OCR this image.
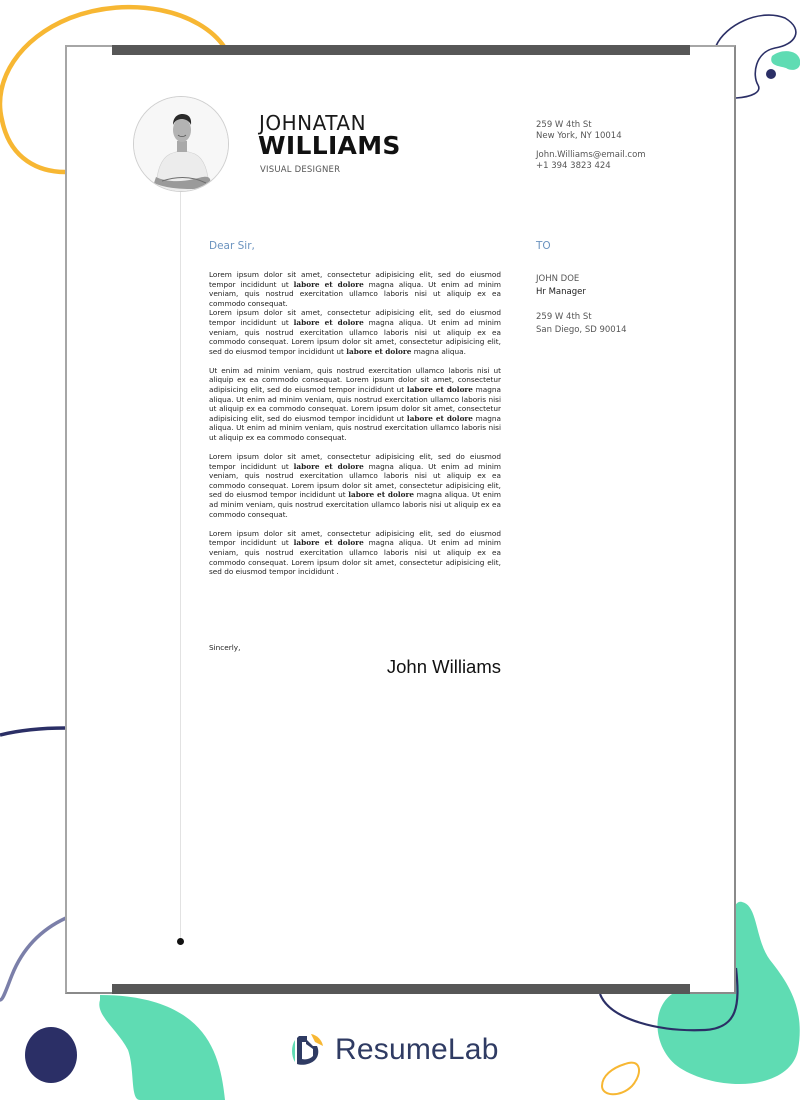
JOHNATAN
WILLIAMS
VISUAL DESIGNER
259 W 4th St
New York, NY 10014
John.Williams@email.com
+1 394 3823 424
Dear Sir,

Lorem ipsum dolor sit amet, consectetur adipisicing elit, sed do eiusmod tempor incididunt ut labore et dolore magna aliqua. Ut enim ad minim veniam, quis nostrud exercitation ullamco laboris nisi ut aliquip ex ea commodo consequat.

Lorem ipsum dolor sit amet, consectetur adipisicing elit, sed do eiusmod tempor incididunt ut labore et dolore magna aliqua. Ut enim ad minim veniam, quis nostrud exercitation ullamco laboris nisi ut aliquip ex ea commodo consequat. Lorem ipsum dolor sit amet, consectetur adipisicing elit, sed do eiusmod tempor incididunt ut labore et dolore magna aliqua.

Ut enim ad minim veniam, quis nostrud exercitation ullamco laboris nisi ut aliquip ex ea commodo consequat. Lorem ipsum dolor sit amet, consectetur adipisicing elit, sed do eiusmod tempor incididunt ut labore et dolore magna aliqua. Ut enim ad minim veniam, quis nostrud exercitation ullamco laboris nisi ut aliquip ex ea commodo consequat. Lorem ipsum dolor sit amet, consectetur adipisicing elit, sed do eiusmod tempor incididunt ut labore et dolore magna aliqua. Ut enim ad minim veniam, quis nostrud exercitation ullamco laboris nisi ut aliquip ex ea commodo consequat.

Lorem ipsum dolor sit amet, consectetur adipisicing elit, sed do eiusmod tempor incididunt ut labore et dolore magna aliqua. Ut enim ad minim veniam, quis nostrud exercitation ullamco laboris nisi ut aliquip ex ea commodo consequat. Lorem ipsum dolor sit amet, consectetur adipisicing elit, sed do eiusmod tempor incididunt ut labore et dolore magna aliqua. Ut enim ad minim veniam, quis nostrud exercitation ullamco laboris nisi ut aliquip ex ea commodo consequat.

Lorem ipsum dolor sit amet, consectetur adipisicing elit, sed do eiusmod tempor incididunt ut labore et dolore magna aliqua. Ut enim ad minim veniam, quis nostrud exercitation ullamco laboris nisi ut aliquip ex ea commodo consequat. Lorem ipsum dolor sit amet, consectetur adipisicing elit, sed do eiusmod tempor incididunt .

Sincerly,
John Williams
TO
JOHN DOE
Hr Manager
259 W 4th St
San Diego, SD 90014
ResumeLab
